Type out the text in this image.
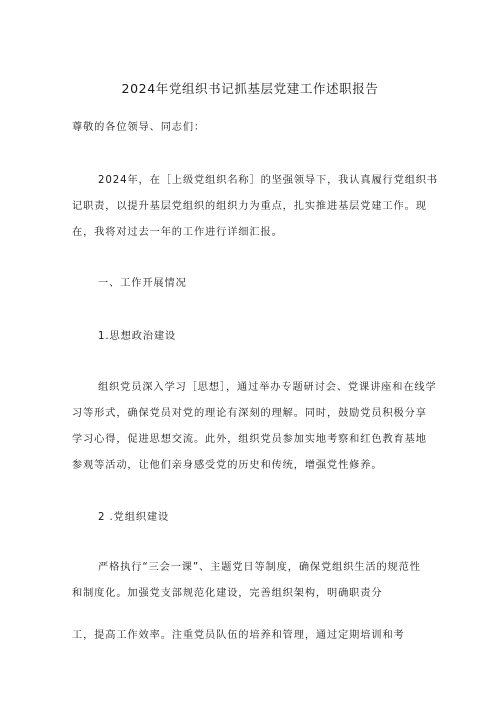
2024年党组织书记抓基层党建工作述职报告
尊敬的各位领导、同志们：
2024年，在［上级党组织名称］的坚强领导下，我认真履行党组织书
记职责，以提升基层党组织的组织力为重点，扎实推进基层党建工作。现
在，我将对过去一年的工作进行详细汇报。
一、工作开展情况
1.思想政治建设
组织党员深入学习［思想］，通过举办专题研讨会、党课讲座和在线学
习等形式，确保党员对党的理论有深刻的理解。同时，鼓励党员积极分享
学习心得，促进思想交流。此外，组织党员参加实地考察和红色教育基地
参观等活动，让他们亲身感受党的历史和传统，增强党性修养。
2 .党组织建设
严格执行“三会一课”、主题党日等制度，确保党组织生活的规范性
和制度化。加强党支部规范化建设，完善组织架构，明确职责分
工，提高工作效率。注重党员队伍的培养和管理，通过定期培训和考
